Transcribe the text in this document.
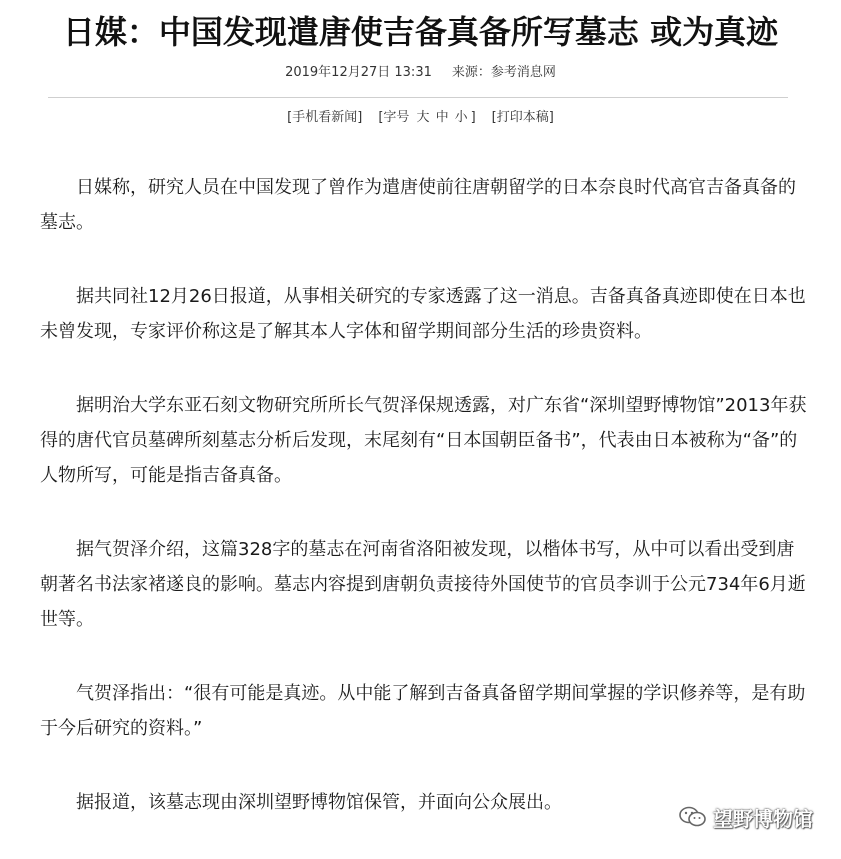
日媒：中国发现遣唐使吉备真备所写墓志 或为真迹
2019年12月27日 13:31 来源：参考消息网
[手机看新闻] [字号 大 中 小 ] [打印本稿]

日媒称，研究人员在中国发现了曾作为遣唐使前往唐朝留学的日本奈良时代高官吉备真备的墓志。

据共同社12月26日报道，从事相关研究的专家透露了这一消息。吉备真备真迹即使在日本也未曾发现，专家评价称这是了解其本人字体和留学期间部分生活的珍贵资料。

据明治大学东亚石刻文物研究所所长气贺泽保规透露，对广东省“深圳望野博物馆”2013年获得的唐代官员墓碑所刻墓志分析后发现，末尾刻有“日本国朝臣备书”，代表由日本被称为“备”的人物所写，可能是指吉备真备。

据气贺泽介绍，这篇328字的墓志在河南省洛阳被发现，以楷体书写，从中可以看出受到唐朝著名书法家褚遂良的影响。墓志内容提到唐朝负责接待外国使节的官员李训于公元734年6月逝世等。

气贺泽指出：“很有可能是真迹。从中能了解到吉备真备留学期间掌握的学识修养等，是有助于今后研究的资料。”

据报道，该墓志现由深圳望野博物馆保管，并面向公众展出。

望野博物馆
